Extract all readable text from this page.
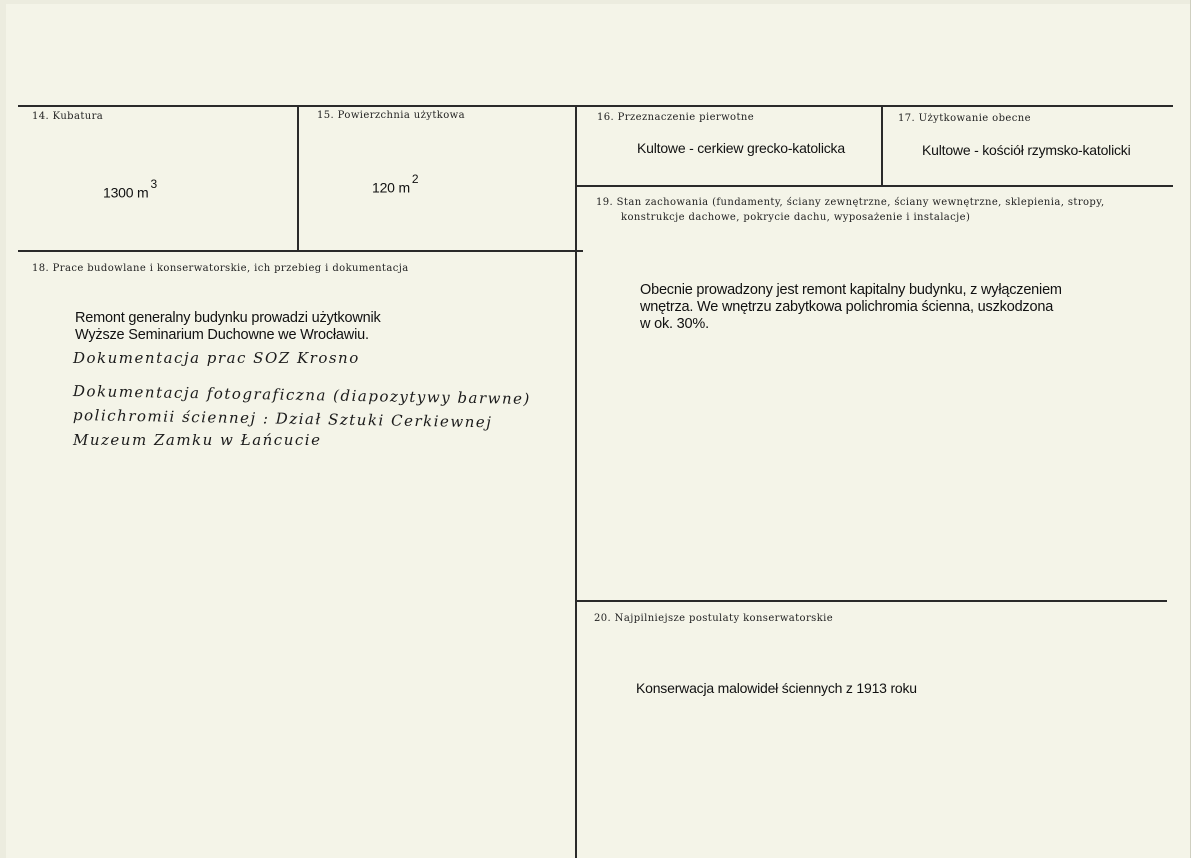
14. Kubatura
1300 $m^3$
15. Powierzchnia użytkowa
120 $m^2$
16. Przeznaczenie pierwotne
Kultowe - cerkiew grecko-katolicka
17. Użytkowanie obecne
Kultowe - kościół rzymsko-katolicki
18. Prace budowlane i konserwatorskie, ich przebieg i dokumentacja
Remont generalny budynku prowadzi użytkownik
Wyższe Seminarium Duchowne we Wrocławiu.
Dokumentacja prac SOZ Krosno
Dokumentacja fotograficzna (diapozytywy barwne)
polichromii ściennej : Dział Sztuki Cerkiewnej
Muzeum Zamku w Łańcucie
19. Stan zachowania (fundamenty, ściany zewnętrzne, ściany wewnętrzne, sklepienia, stropy,
konstrukcje dachowe, pokrycie dachu, wyposażenie i instalacje)
Obecnie prowadzony jest remont kapitalny budynku, z wyłączeniem
wnętrza. We wnętrzu zabytkowa polichromia ścienna, uszkodzona
w ok. 30%.
20. Najpilniejsze postulaty konserwatorskie
Konserwacja malowideł ściennych z 1913 roku
